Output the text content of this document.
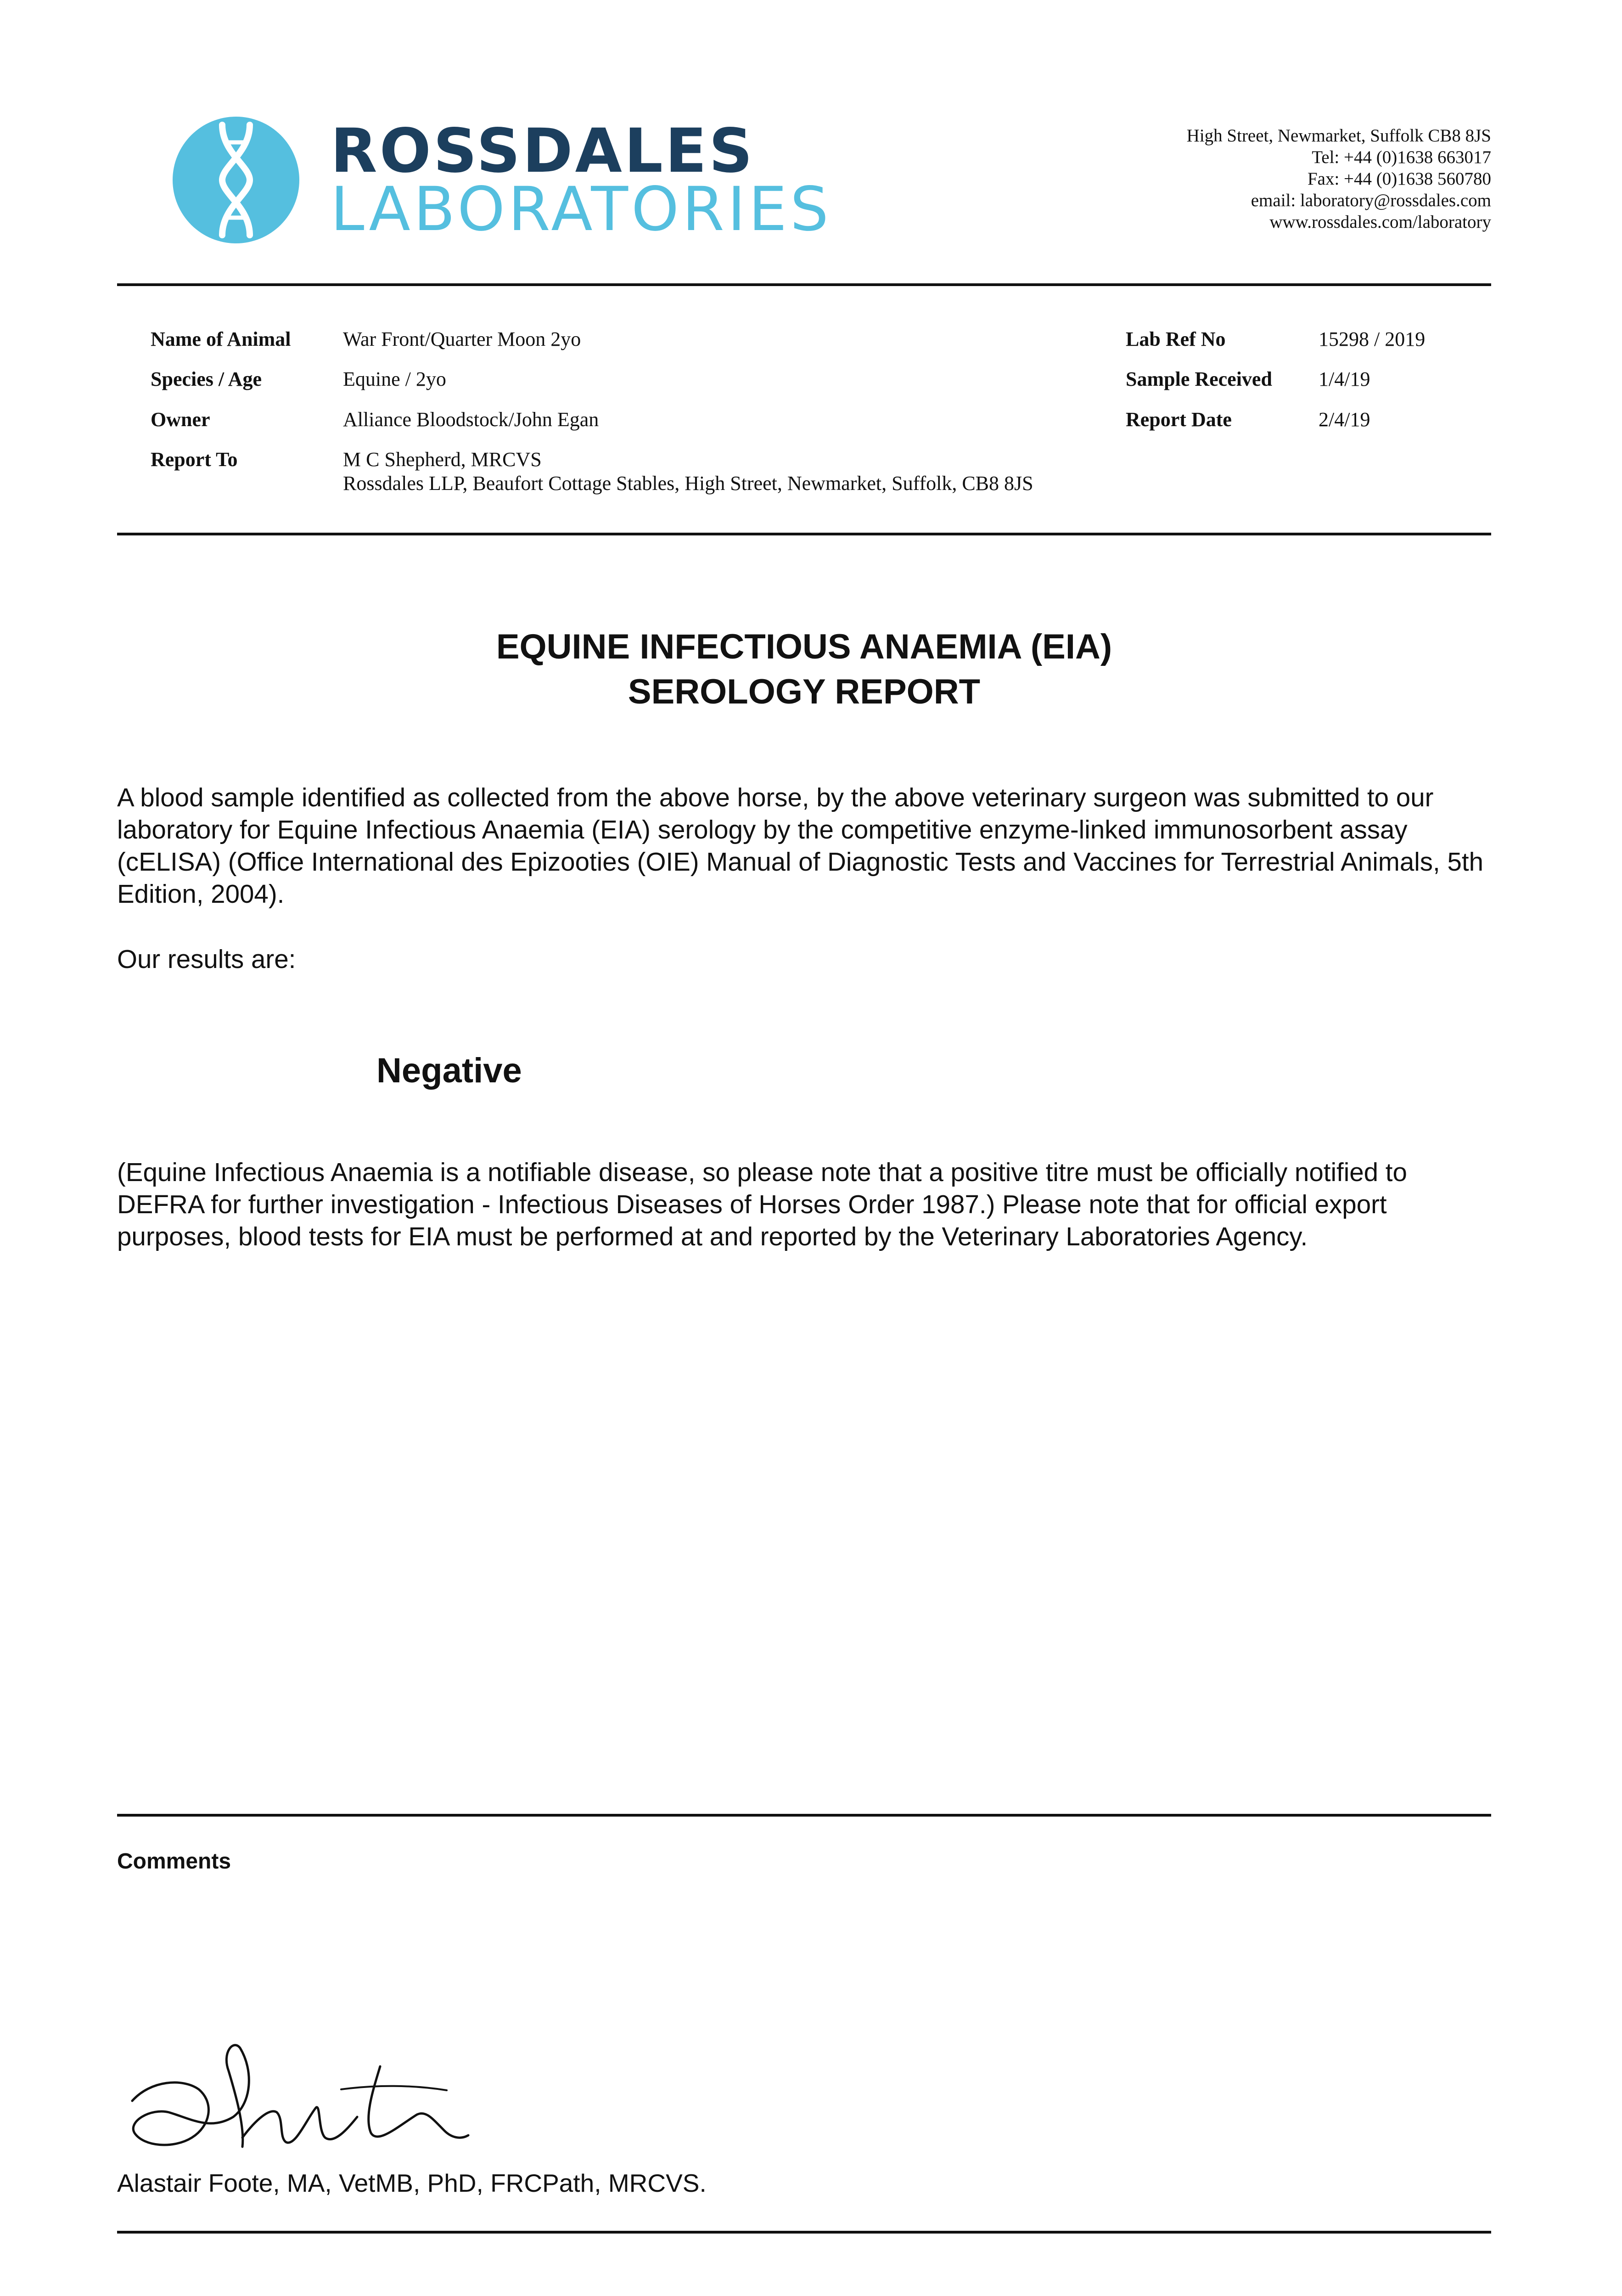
ROSSDALES
LABORATORIES
High Street, Newmarket, Suffolk CB8 8JS
Tel: +44 (0)1638 663017
Fax: +44 (0)1638 560780
email: laboratory@rossdales.com
www.rossdales.com/laboratory
Name of Animal	War Front/Quarter Moon 2yo
Species / Age	Equine / 2yo
Owner	Alliance Bloodstock/John Egan
Report To	M C Shepherd, MRCVS
Rossdales LLP, Beaufort Cottage Stables, High Street, Newmarket, Suffolk, CB8 8JS
Lab Ref No	15298 / 2019
Sample Received 1/4/19
Report Date	2/4/19
EQUINE INFECTIOUS ANAEMIA (EIA)
SEROLOGY REPORT
A blood sample identified as collected from the above horse, by the above veterinary surgeon was submitted to our laboratory for Equine Infectious Anaemia (EIA) serology by the competitive enzyme-linked immunosorbent assay (cELISA) (Office International des Epizooties (OIE) Manual of Diagnostic Tests and Vaccines for Terrestrial Animals, 5th Edition, 2004).
Our results are:
Negative
(Equine Infectious Anaemia is a notifiable disease, so please note that a positive titre must be officially notified to DEFRA for further investigation - Infectious Diseases of Horses Order 1987.) Please note that for official export purposes, blood tests for EIA must be performed at and reported by the Veterinary Laboratories Agency.
Comments
Alastair Foote, MA, VetMB, PhD, FRCPath, MRCVS.
